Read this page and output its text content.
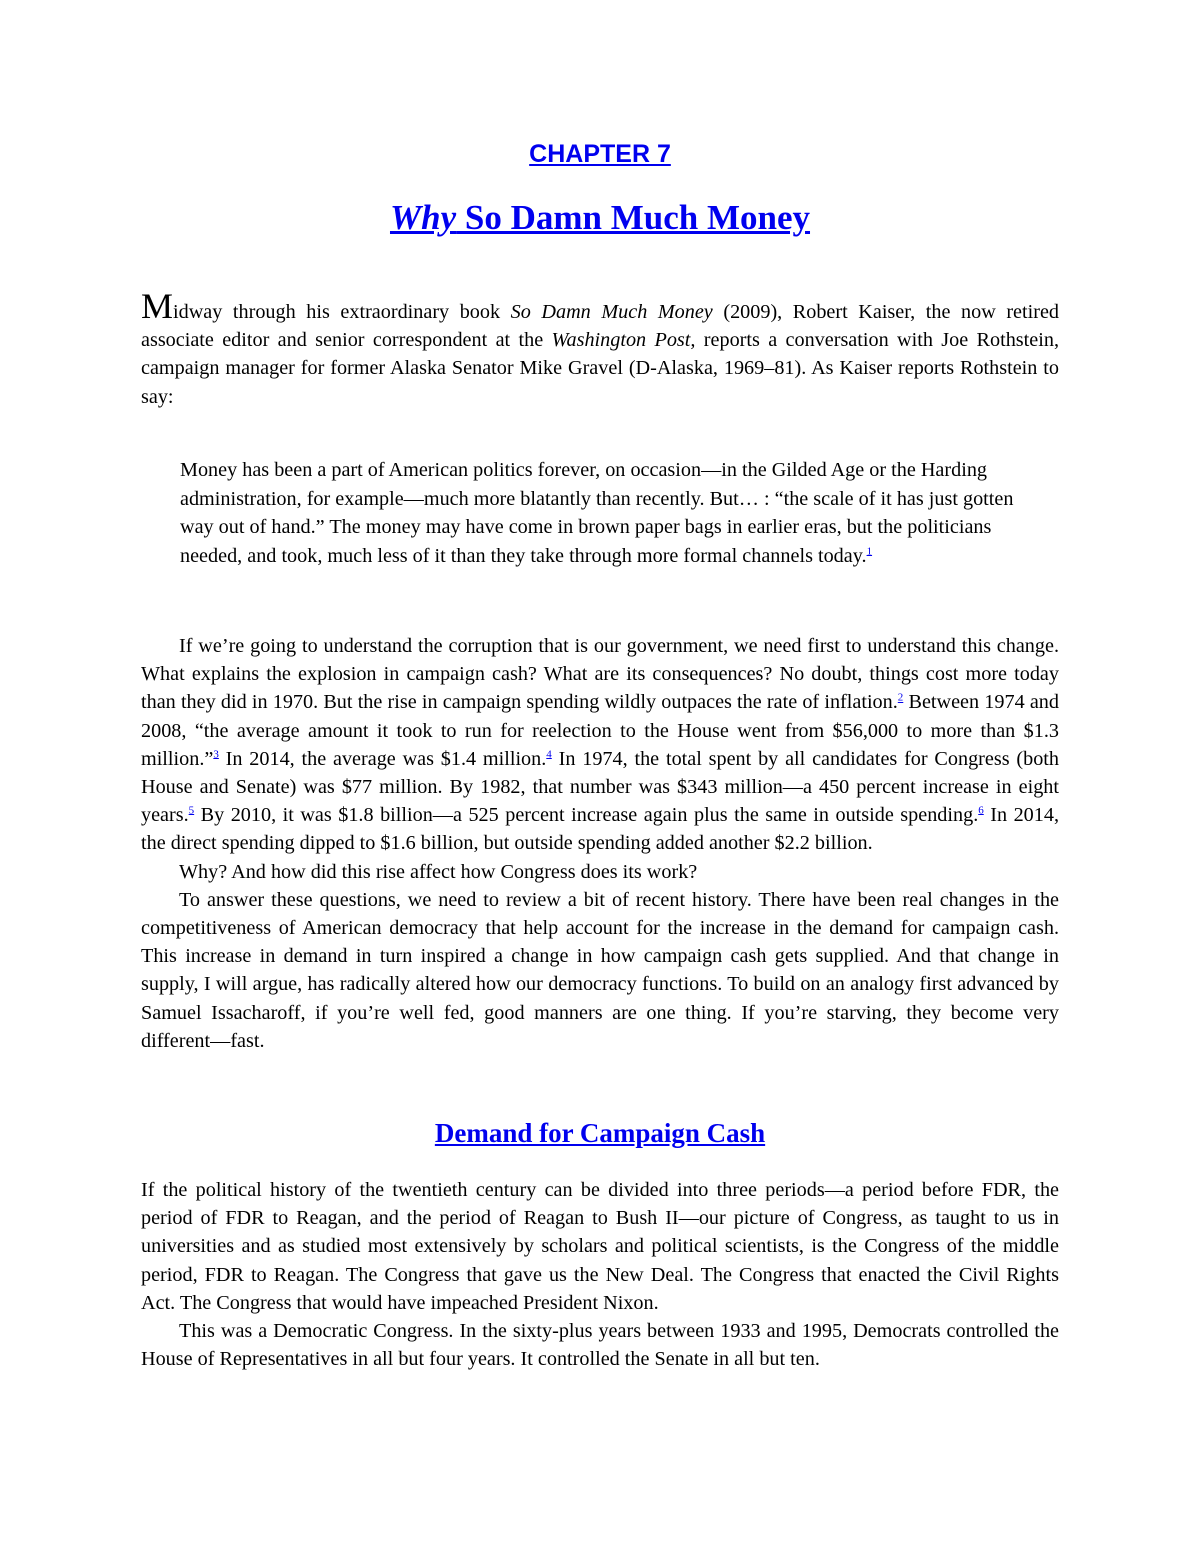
CHAPTER 7
Why So Damn Much Money

Midway through his extraordinary book So Damn Much Money (2009), Robert Kaiser, the now retired associate editor and senior correspondent at the Washington Post, reports a conversation with Joe Rothstein, campaign manager for former Alaska Senator Mike Gravel (D-Alaska, 1969–81). As Kaiser reports Rothstein to say:

Money has been a part of American politics forever, on occasion—in the Gilded Age or the Harding administration, for example—much more blatantly than recently. But… : “the scale of it has just gotten way out of hand.” The money may have come in brown paper bags in earlier eras, but the politicians needed, and took, much less of it than they take through more formal channels today.$^1$

If we’re going to understand the corruption that is our government, we need first to understand this change. What explains the explosion in campaign cash? What are its consequences? No doubt, things cost more today than they did in 1970. But the rise in campaign spending wildly outpaces the rate of inflation.$^2$ Between 1974 and 2008, “the average amount it took to run for reelection to the House went from $56,000 to more than $1.3 million.”$^3$ In 2014, the average was $1.4 million.$^4$ In 1974, the total spent by all candidates for Congress (both House and Senate) was $77 million. By 1982, that number was $343 million—a 450 percent increase in eight years.$^5$ By 2010, it was $1.8 billion—a 525 percent increase again plus the same in outside spending.$^6$ In 2014, the direct spending dipped to $1.6 billion, but outside spending added another $2.2 billion.

Why? And how did this rise affect how Congress does its work?

To answer these questions, we need to review a bit of recent history. There have been real changes in the competitiveness of American democracy that help account for the increase in the demand for campaign cash. This increase in demand in turn inspired a change in how campaign cash gets supplied. And that change in supply, I will argue, has radically altered how our democracy functions. To build on an analogy first advanced by Samuel Issacharoff, if you’re well fed, good manners are one thing. If you’re starving, they become very different—fast.

Demand for Campaign Cash

If the political history of the twentieth century can be divided into three periods—a period before FDR, the period of FDR to Reagan, and the period of Reagan to Bush II—our picture of Congress, as taught to us in universities and as studied most extensively by scholars and political scientists, is the Congress of the middle period, FDR to Reagan. The Congress that gave us the New Deal. The Congress that enacted the Civil Rights Act. The Congress that would have impeached President Nixon.

This was a Democratic Congress. In the sixty-plus years between 1933 and 1995, Democrats controlled the House of Representatives in all but four years. It controlled the Senate in all but ten.
